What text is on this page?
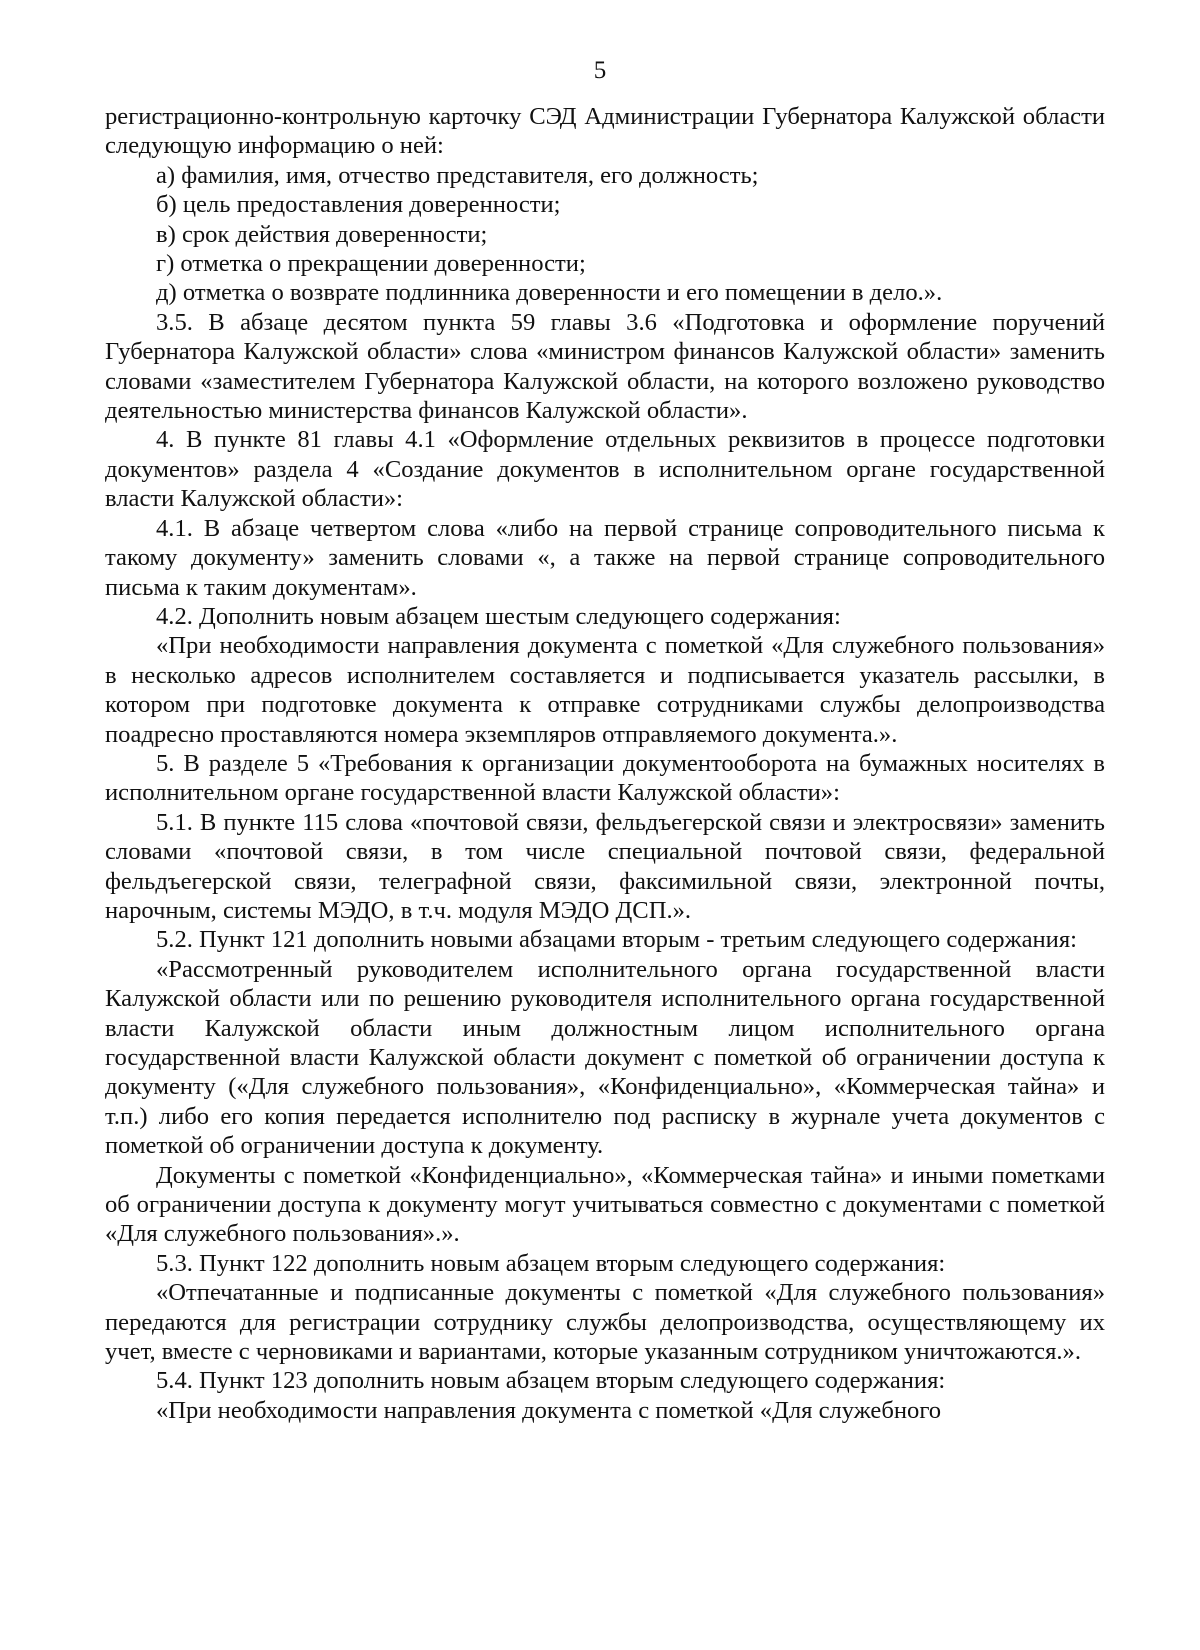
5

регистрационно-контрольную карточку СЭД Администрации Губернатора Калужской области следующую информацию о ней:

а) фамилия, имя, отчество представителя, его должность;

б) цель предоставления доверенности;

в) срок действия доверенности;

г) отметка о прекращении доверенности;

д) отметка о возврате подлинника доверенности и его помещении в дело.».

3.5. В абзаце десятом пункта 59 главы 3.6 «Подготовка и оформление поручений Губернатора Калужской области» слова «министром финансов Калужской области» заменить словами «заместителем Губернатора Калужской области, на которого возложено руководство деятельностью министерства финансов Калужской области».

4. В пункте 81 главы 4.1 «Оформление отдельных реквизитов в процессе подготовки документов» раздела 4 «Создание документов в исполнительном органе государственной власти Калужской области»:

4.1. В абзаце четвертом слова «либо на первой странице сопроводительного письма к такому документу» заменить словами «, а также на первой странице сопроводительного письма к таким документам».

4.2. Дополнить новым абзацем шестым следующего содержания:

«При необходимости направления документа с пометкой «Для служебного пользования» в несколько адресов исполнителем составляется и подписывается указатель рассылки, в котором при подготовке документа к отправке сотрудниками службы делопроизводства поадресно проставляются номера экземпляров отправляемого документа.».

5. В разделе 5 «Требования к организации документооборота на бумажных носителях в исполнительном органе государственной власти Калужской области»:

5.1. В пункте 115 слова «почтовой связи, фельдъегерской связи и электросвязи» заменить словами «почтовой связи, в том числе специальной почтовой связи, федеральной фельдъегерской связи, телеграфной связи, факсимильной связи, электронной почты, нарочным, системы МЭДО, в т.ч. модуля МЭДО ДСП.».

5.2. Пункт 121 дополнить новыми абзацами вторым - третьим следующего содержания:

«Рассмотренный руководителем исполнительного органа государственной власти Калужской области или по решению руководителя исполнительного органа государственной власти Калужской области иным должностным лицом исполнительного органа государственной власти Калужской области документ с пометкой об ограничении доступа к документу («Для служебного пользования», «Конфиденциально», «Коммерческая тайна» и т.п.) либо его копия передается исполнителю под расписку в журнале учета документов с пометкой об ограничении доступа к документу.

Документы с пометкой «Конфиденциально», «Коммерческая тайна» и иными пометками об ограничении доступа к документу могут учитываться совместно с документами с пометкой «Для служебного пользования».».

5.3. Пункт 122 дополнить новым абзацем вторым следующего содержания:

«Отпечатанные и подписанные документы с пометкой «Для служебного пользования» передаются для регистрации сотруднику службы делопроизводства, осуществляющему их учет, вместе с черновиками и вариантами, которые указанным сотрудником уничтожаются.».

5.4. Пункт 123 дополнить новым абзацем вторым следующего содержания:

«При необходимости направления документа с пометкой «Для служебного
